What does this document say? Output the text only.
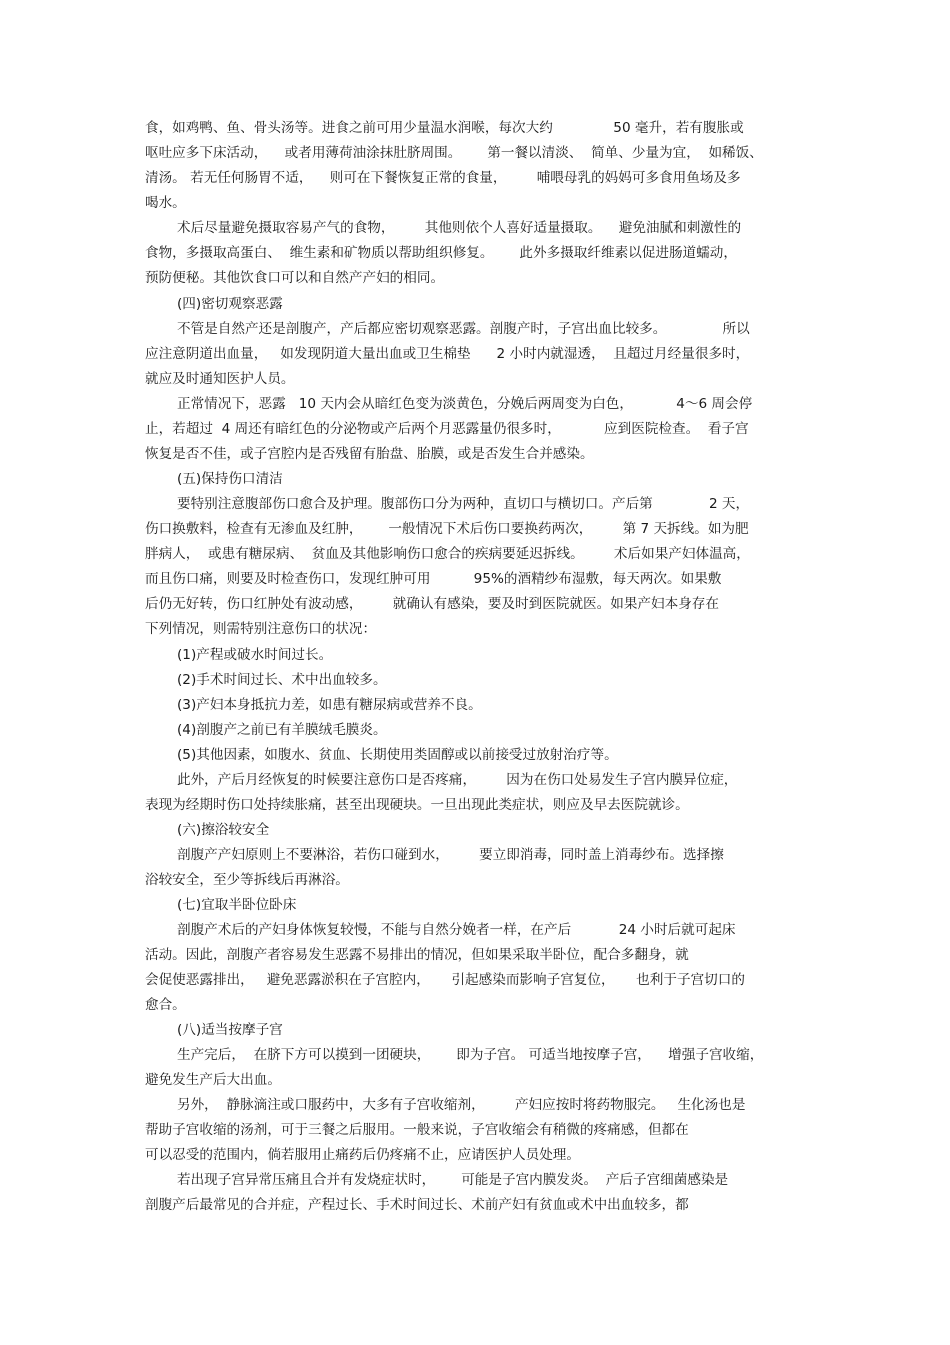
食，如鸡鸭、鱼、骨头汤等。进食之前可用少量温水润喉，每次大约              50 毫升，若有腹胀或
呕吐应多下床活动，    或者用薄荷油涂抹肚脐周围。      第一餐以清淡、  简单、少量为宜，  如稀饭、
清汤。 若无任何肠胃不适，    则可在下餐恢复正常的食量，       哺喂母乳的妈妈可多食用鱼场及多
喝水。
术后尽量避免摄取容易产气的食物，       其他则依个人喜好适量摄取。    避免油腻和刺激性的
食物，多摄取高蛋白、  维生素和矿物质以帮助组织修复。      此外多摄取纤维素以促进肠道蠕动，
预防便秘。其他饮食口可以和自然产产妇的相同。
(四)密切观察恶露
不管是自然产还是剖腹产，产后都应密切观察恶露。剖腹产时，子宫出血比较多。             所以
应注意阴道出血量，   如发现阴道大量出血或卫生棉垫      2 小时内就湿透，  且超过月经量很多时，
就应及时通知医护人员。
正常情况下，恶露   10 天内会从暗红色变为淡黄色，分娩后两周变为白色，          4～6 周会停
止，若超过  4 周还有暗红色的分泌物或产后两个月恶露量仍很多时，          应到医院检查。  看子宫
恢复是否不佳，或子宫腔内是否残留有胎盘、胎膜，或是否发生合并感染。
(五)保持伤口清洁
要特别注意腹部伤口愈合及护理。腹部伤口分为两种，直切口与横切口。产后第             2 天，
伤口换敷料，检查有无渗血及红肿，      一般情况下术后伤口要换药两次，       第 7 天拆线。如为肥
胖病人，  或患有糖尿病、  贫血及其他影响伤口愈合的疾病要延迟拆线。       术后如果产妇体温高，
而且伤口痛，则要及时检查伤口，发现红肿可用          95%的酒精纱布湿敷，每天两次。如果敷
后仍无好转，伤口红肿处有波动感，       就确认有感染，要及时到医院就医。如果产妇本身存在
下列情况，则需特别注意伤口的状况：
(1)产程或破水时间过长。
(2)手术时间过长、术中出血较多。
(3)产妇本身抵抗力差，如患有糖尿病或营养不良。
(4)剖腹产之前已有羊膜绒毛膜炎。
(5)其他因素，如腹水、贫血、长期使用类固醇或以前接受过放射治疗等。
此外，产后月经恢复的时候要注意伤口是否疼痛，       因为在伤口处易发生子宫内膜异位症，
表现为经期时伤口处持续胀痛，甚至出现硬块。一旦出现此类症状，则应及早去医院就诊。
(六)擦浴较安全
剖腹产产妇原则上不要淋浴，若伤口碰到水，       要立即消毒，同时盖上消毒纱布。选择擦
浴较安全，至少等拆线后再淋浴。
(七)宜取半卧位卧床
剖腹产术后的产妇身体恢复较慢，不能与自然分娩者一样，在产后           24 小时后就可起床
活动。因此，剖腹产者容易发生恶露不易排出的情况，但如果采取半卧位，配合多翻身，就
会促使恶露排出，   避免恶露淤积在子宫腔内，     引起感染而影响子宫复位，     也利于子宫切口的
愈合。
(八)适当按摩子宫
生产完后，  在脐下方可以摸到一团硬块，      即为子宫。 可适当地按摩子宫，    增强子宫收缩，
避免发生产后大出血。
另外，  静脉滴注或口服药中，大多有子宫收缩剂，       产妇应按时将药物服完。   生化汤也是
帮助子宫收缩的汤剂，可于三餐之后服用。一般来说，子宫收缩会有稍微的疼痛感，但都在
可以忍受的范围内，倘若服用止痛药后仍疼痛不止，应请医护人员处理。
若出现子宫异常压痛且合并有发烧症状时，      可能是子宫内膜发炎。  产后子宫细菌感染是
剖腹产后最常见的合并症，产程过长、手术时间过长、术前产妇有贫血或术中出血较多，都
